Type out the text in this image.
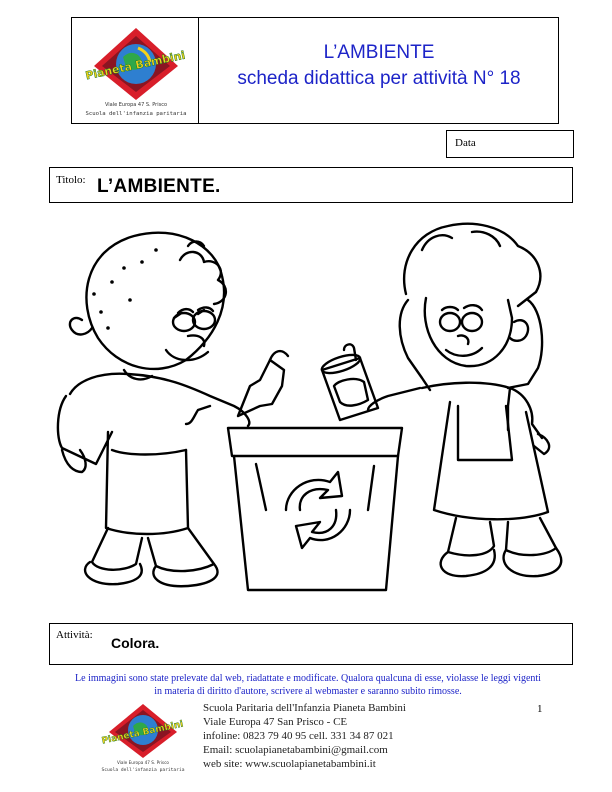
Pianeta Bambini
Viale Europa 47 S. Prisco
Scuola dell'infanzia paritaria
L’AMBIENTE
scheda didattica per attività N° 18
Data
Titolo: L’AMBIENTE.
Attività: Colora.
Le immagini sono state prelevate dal web, riadattate e modificate. Qualora qualcuna di esse, violasse le leggi vigenti
in materia di diritto d'autore, scrivere al webmaster e saranno subito rimosse.
Pianeta Bambini
Viale Europa 47 S. Prisco
Scuola dell'infanzia paritaria
Scuola Paritaria dell'Infanzia Pianeta Bambini
Viale Europa 47 San Prisco - CE
infoline: 0823 79 40 95 cell. 331 34 87 021
Email: scuolapianetabambini@gmail.com
web site: www.scuolapianetabambini.it
1
